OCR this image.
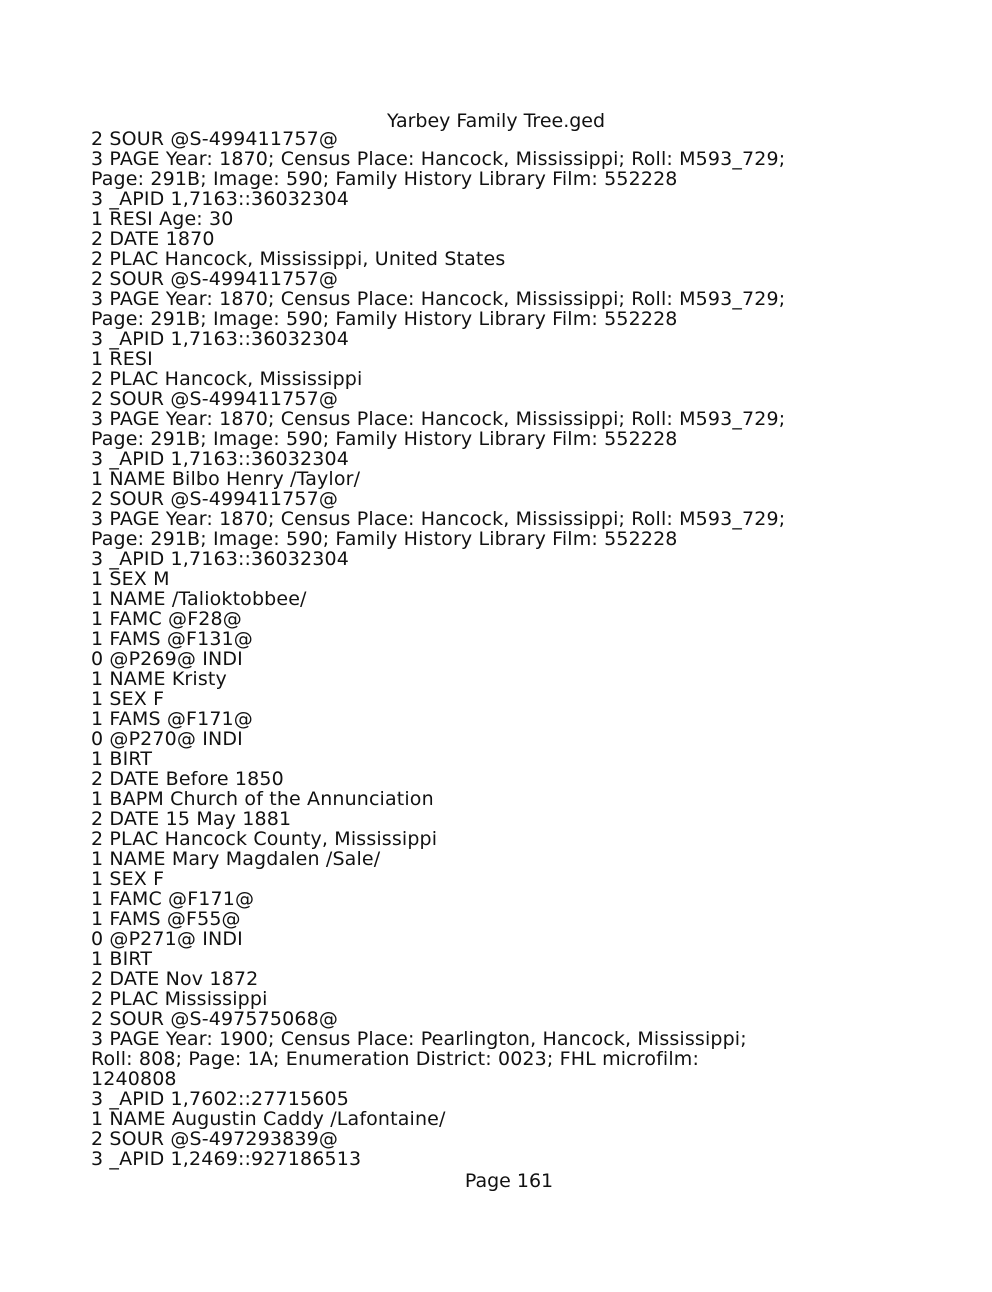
Yarbey Family Tree.ged
2 SOUR @S-499411757@
3 PAGE Year: 1870; Census Place: Hancock, Mississippi; Roll: M593_729;
Page: 291B; Image: 590; Family History Library Film: 552228
3 _APID 1,7163::36032304
1 RESI Age: 30
2 DATE 1870
2 PLAC Hancock, Mississippi, United States
2 SOUR @S-499411757@
3 PAGE Year: 1870; Census Place: Hancock, Mississippi; Roll: M593_729;
Page: 291B; Image: 590; Family History Library Film: 552228
3 _APID 1,7163::36032304
1 RESI
2 PLAC Hancock, Mississippi
2 SOUR @S-499411757@
3 PAGE Year: 1870; Census Place: Hancock, Mississippi; Roll: M593_729;
Page: 291B; Image: 590; Family History Library Film: 552228
3 _APID 1,7163::36032304
1 NAME Bilbo Henry /Taylor/
2 SOUR @S-499411757@
3 PAGE Year: 1870; Census Place: Hancock, Mississippi; Roll: M593_729;
Page: 291B; Image: 590; Family History Library Film: 552228
3 _APID 1,7163::36032304
1 SEX M
1 NAME /Talioktobbee/
1 FAMC @F28@
1 FAMS @F131@
0 @P269@ INDI
1 NAME Kristy
1 SEX F
1 FAMS @F171@
0 @P270@ INDI
1 BIRT
2 DATE Before 1850
1 BAPM Church of the Annunciation
2 DATE 15 May 1881
2 PLAC Hancock County, Mississippi
1 NAME Mary Magdalen /Sale/
1 SEX F
1 FAMC @F171@
1 FAMS @F55@
0 @P271@ INDI
1 BIRT
2 DATE Nov 1872
2 PLAC Mississippi
2 SOUR @S-497575068@
3 PAGE Year: 1900; Census Place: Pearlington, Hancock, Mississippi;
Roll: 808; Page: 1A; Enumeration District: 0023; FHL microfilm:
1240808
3 _APID 1,7602::27715605
1 NAME Augustin Caddy /Lafontaine/
2 SOUR @S-497293839@
3 _APID 1,2469::927186513
Page 161
